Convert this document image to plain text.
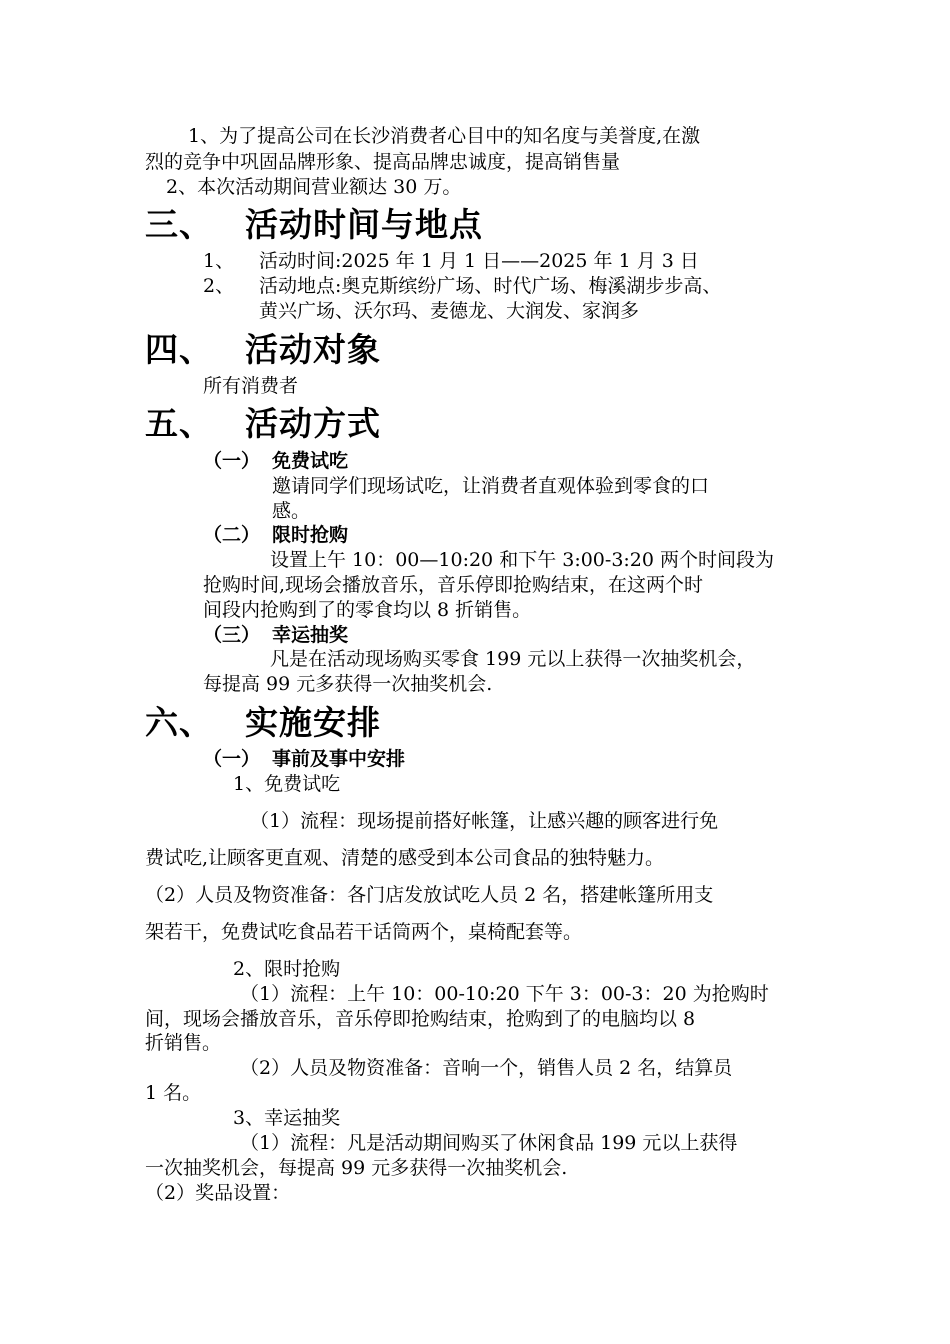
1、为了提高公司在长沙消费者心目中的知名度与美誉度,在激
烈的竞争中巩固品牌形象、提高品牌忠诚度，提高销售量
2、本次活动期间营业额达 30 万。
三、 活动时间与地点
1、 活动时间:2025 年 1 月 1 日——2025 年 1 月 3 日
2、 活动地点:奥克斯缤纷广场、时代广场、梅溪湖步步高、
黄兴广场、沃尔玛、麦德龙、大润发、家润多
四、 活动对象
所有消费者
五、 活动方式
（一） 免费试吃
邀请同学们现场试吃，让消费者直观体验到零食的口
感。
（二） 限时抢购
设置上午 10：00—10:20 和下午 3:00-3:20 两个时间段为
抢购时间,现场会播放音乐，音乐停即抢购结束，在这两个时
间段内抢购到了的零食均以 8 折销售。
（三） 幸运抽奖
凡是在活动现场购买零食 199 元以上获得一次抽奖机会，
每提高 99 元多获得一次抽奖机会.
六、 实施安排
（一） 事前及事中安排
1、免费试吃
（1）流程：现场提前搭好帐篷，让感兴趣的顾客进行免
费试吃,让顾客更直观、清楚的感受到本公司食品的独特魅力。
（2）人员及物资准备：各门店发放试吃人员 2 名，搭建帐篷所用支
架若干，免费试吃食品若干话筒两个，桌椅配套等。
2、限时抢购
（1）流程：上午 10：00-10:20 下午 3：00-3：20 为抢购时
间，现场会播放音乐，音乐停即抢购结束，抢购到了的电脑均以 8
折销售。
（2）人员及物资准备：音响一个，销售人员 2 名，结算员
1 名。
3、幸运抽奖
（1）流程：凡是活动期间购买了休闲食品 199 元以上获得
一次抽奖机会，每提高 99 元多获得一次抽奖机会.
（2）奖品设置：
